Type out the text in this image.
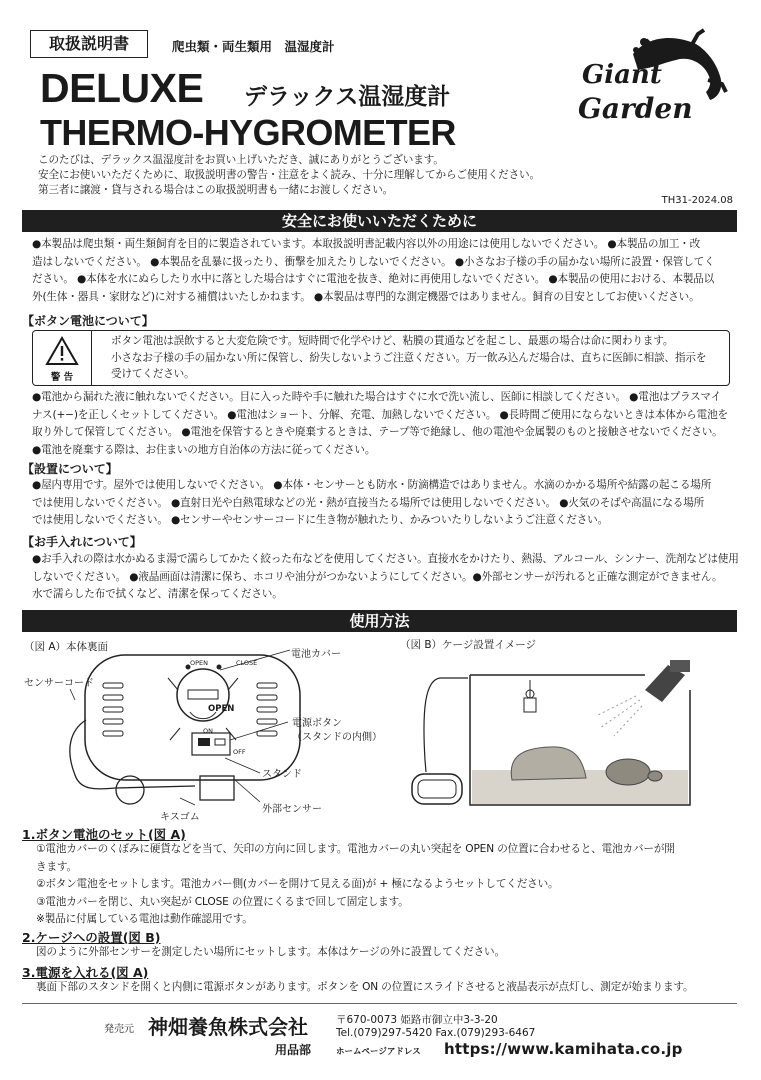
取扱説明書	爬虫類・両生類用　温湿度計
DELUXE デラックス温湿度計
THERMO-HYGROMETER
Giant
Garden

このたびは、デラックス温湿度計をお買い上げいただき、誠にありがとうございます。

安全にお使いいただくために、取扱説明書の警告・注意をよく読み、十分に理解してからご使用ください。

第三者に譲渡・貸与される場合はこの取扱説明書も一緒にお渡しください。

TH31-2024.08
安全にお使いいただくために

●本製品は爬虫類・両生類飼育を目的に製造されています。本取扱説明書記載内容以外の用途には使用しないでください。 ●本製品の加工・改

造はしないでください。 ●本製品を乱暴に扱ったり、衝撃を加えたりしないでください。 ●小さなお子様の手の届かない場所に設置・保管してく

ださい。 ●本体を水にぬらしたり水中に落とした場合はすぐに電池を抜き、絶対に再使用しないでください。 ●本製品の使用における、本製品以

外(生体・器具・家財など)に対する補償はいたしかねます。 ●本製品は専門的な測定機器ではありません。飼育の目安としてお使いください。

【ボタン電池について】
警 告

ボタン電池は誤飲すると大変危険です。短時間で化学やけど、粘膜の貫通などを起こし、最悪の場合は命に関わります。

小さなお子様の手の届かない所に保管し、紛失しないようご注意ください。万一飲み込んだ場合は、直ちに医師に相談、指示を

受けてください。

●電池から漏れた液に触れないでください。目に入った時や手に触れた場合はすぐに水で洗い流し、医師に相談してください。 ●電池はプラスマイ

ナス(+−)を正しくセットしてください。 ●電池はショート、分解、充電、加熱しないでください。 ●長時間ご使用にならないときは本体から電池を

取り外して保管してください。 ●電池を保管するときや廃棄するときは、テープ等で絶縁し、他の電池や金属製のものと接触させないでください。

●電池を廃棄する際は、お住まいの地方自治体の方法に従ってください。

【設置について】

●屋内専用です。屋外では使用しないでください。 ●本体・センサーとも防水・防滴構造ではありません。水滴のかかる場所や結露の起こる場所

では使用しないでください。 ●直射日光や白熱電球などの光・熱が直接当たる場所では使用しないでください。 ●火気のそばや高温になる場所

では使用しないでください。 ●センサーやセンサーコードに生き物が触れたり、かみついたりしないようご注意ください。

【お手入れについて】

●お手入れの際は水かぬるま湯で濡らしてかたく絞った布などを使用してください。直接水をかけたり、熱湯、アルコール、シンナー、洗剤などは使用

しないでください。 ●液晶画面は清潔に保ち、ホコリや油分がつかないようにしてください。●外部センサーが汚れると正確な測定ができません。

水で濡らした布で拭くなど、清潔を保ってください。

使用方法
（図 A）本体裏面
電池カバー
OPEN	CLOSE
OPEN
センサーコード
電源ボタン
（スタンドの内側）
ON
OFF
スタンド
キスゴム
外部センサー
（図 B）ケージ設置イメージ
1.ボタン電池のセット(図 A)

①電池カバーのくぼみに硬貨などを当て、矢印の方向に回します。電池カバーの丸い突起を OPEN の位置に合わせると、電池カバーが開

きます。

②ボタン電池をセットします。電池カバー側(カバーを開けて見える面)が + 極になるようセットしてください。

③電池カバーを閉じ、丸い突起が CLOSE の位置にくるまで回して固定します。

※製品に付属している電池は動作確認用です。

2.ケージへの設置(図 B)

図のように外部センサーを測定したい場所にセットします。本体はケージの外に設置してください。

3.電源を入れる(図 A)

裏面下部のスタンドを開くと内側に電源ボタンがあります。ボタンを ON の位置にスライドさせると液晶表示が点灯し、測定が始まります。

発売元 神畑養魚株式会社
用品部
〒670-0073 姫路市御立中3-3-20
Tel.(079)297-5420 Fax.(079)293-6467
ホームページアドレス https://www.kamihata.co.jp
